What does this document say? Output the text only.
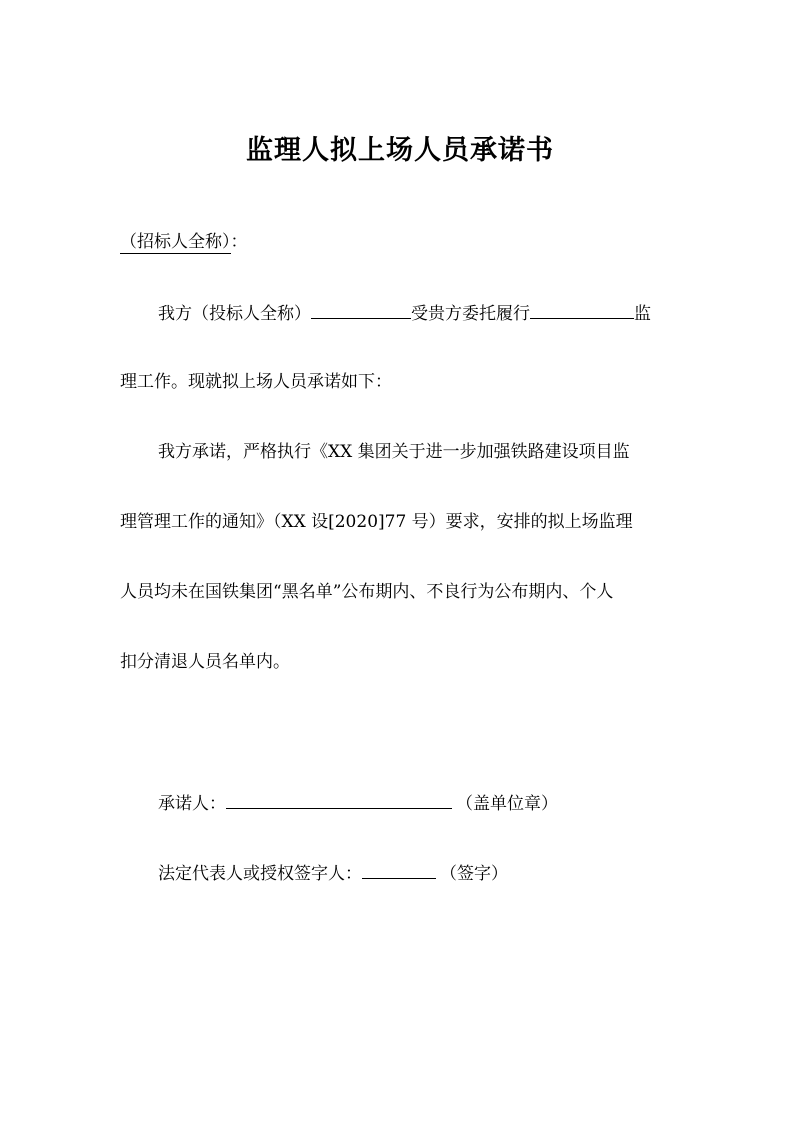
监理人拟上场人员承诺书
（招标人全称）：
我方（投标人全称）	受贵方委托履行	监
理工作。现就拟上场人员承诺如下：
我方承诺，严格执行《XX 集团关于进一步加强铁路建设项目监
理管理工作的通知》（XX 设[2020]77 号）要求，安排的拟上场监理
人员均未在国铁集团“黑名单”公布期内、不良行为公布期内、个人
扣分清退人员名单内。
承诺人：	（盖单位章）
法定代表人或授权签字人：	（签字）
